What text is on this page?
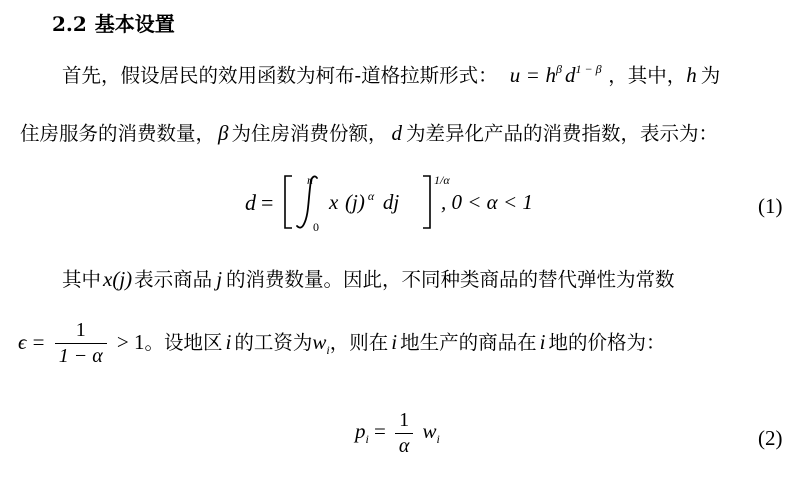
2.2 基本设置
首先，假设居民的效用函数为柯布-道格拉斯形式： $u = h^\beta$ $d^{1 - \beta}$ ，其中，h 为
住房服务的消费数量， β 为住房消费份额， d 为差异化产品的消费指数，表示为：
d =
n
0
x (j) $^\alpha$ dj
1/α
, 0 < α < 1	(1)
其中x(j) 表示商品 j 的消费数量。因此，不同种类商品的替代弹性为常数
$\epsilon = \frac{1}{1 - \alpha} > 1$。设地区 i 的工资为$w_i$，则在 i 地生产的商品在 i 地的价格为：
$p_i = \frac{1}{\alpha} w_i$	(2)
